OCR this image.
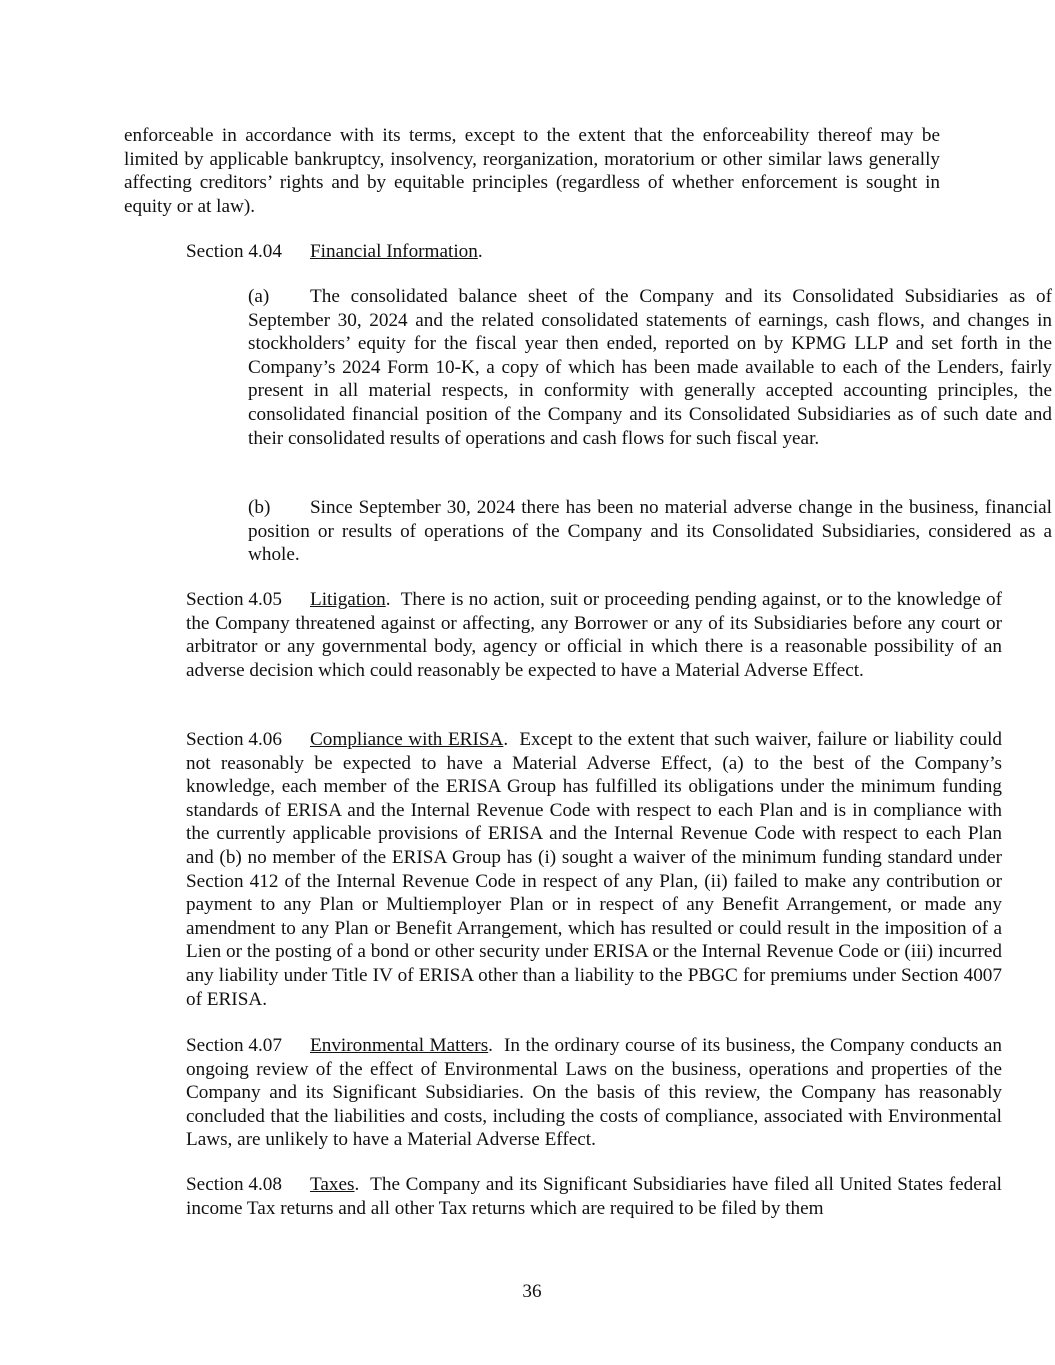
enforceable in accordance with its terms, except to the extent that the enforceability thereof may be limited by applicable bankruptcy, insolvency, reorganization, moratorium or other similar laws generally affecting creditors’ rights and by equitable principles (regardless of whether enforcement is sought in equity or at law).

Section 4.04 Financial Information.

(a) The consolidated balance sheet of the Company and its Consolidated Subsidiaries as of September 30, 2024 and the related consolidated statements of earnings, cash flows, and changes in stockholders’ equity for the fiscal year then ended, reported on by KPMG LLP and set forth in the Company’s 2024 Form 10-K, a copy of which has been made available to each of the Lenders, fairly present in all material respects, in conformity with generally accepted accounting principles, the consolidated financial position of the Company and its Consolidated Subsidiaries as of such date and their consolidated results of operations and cash flows for such fiscal year.

(b) Since September 30, 2024 there has been no material adverse change in the business, financial position or results of operations of the Company and its Consolidated Subsidiaries, considered as a whole.

Section 4.05 Litigation. There is no action, suit or proceeding pending against, or to the knowledge of the Company threatened against or affecting, any Borrower or any of its Subsidiaries before any court or arbitrator or any governmental body, agency or official in which there is a reasonable possibility of an adverse decision which could reasonably be expected to have a Material Adverse Effect.

Section 4.06 Compliance with ERISA. Except to the extent that such waiver, failure or liability could not reasonably be expected to have a Material Adverse Effect, (a) to the best of the Company’s knowledge, each member of the ERISA Group has fulfilled its obligations under the minimum funding standards of ERISA and the Internal Revenue Code with respect to each Plan and is in compliance with the currently applicable provisions of ERISA and the Internal Revenue Code with respect to each Plan and (b) no member of the ERISA Group has (i) sought a waiver of the minimum funding standard under Section 412 of the Internal Revenue Code in respect of any Plan, (ii) failed to make any contribution or payment to any Plan or Multiemployer Plan or in respect of any Benefit Arrangement, or made any amendment to any Plan or Benefit Arrangement, which has resulted or could result in the imposition of a Lien or the posting of a bond or other security under ERISA or the Internal Revenue Code or (iii) incurred any liability under Title IV of ERISA other than a liability to the PBGC for premiums under Section 4007 of ERISA.

Section 4.07 Environmental Matters. In the ordinary course of its business, the Company conducts an ongoing review of the effect of Environmental Laws on the business, operations and properties of the Company and its Significant Subsidiaries. On the basis of this review, the Company has reasonably concluded that the liabilities and costs, including the costs of compliance, associated with Environmental Laws, are unlikely to have a Material Adverse Effect.

Section 4.08 Taxes. The Company and its Significant Subsidiaries have filed all United States federal income Tax returns and all other Tax returns which are required to be filed by them

36
